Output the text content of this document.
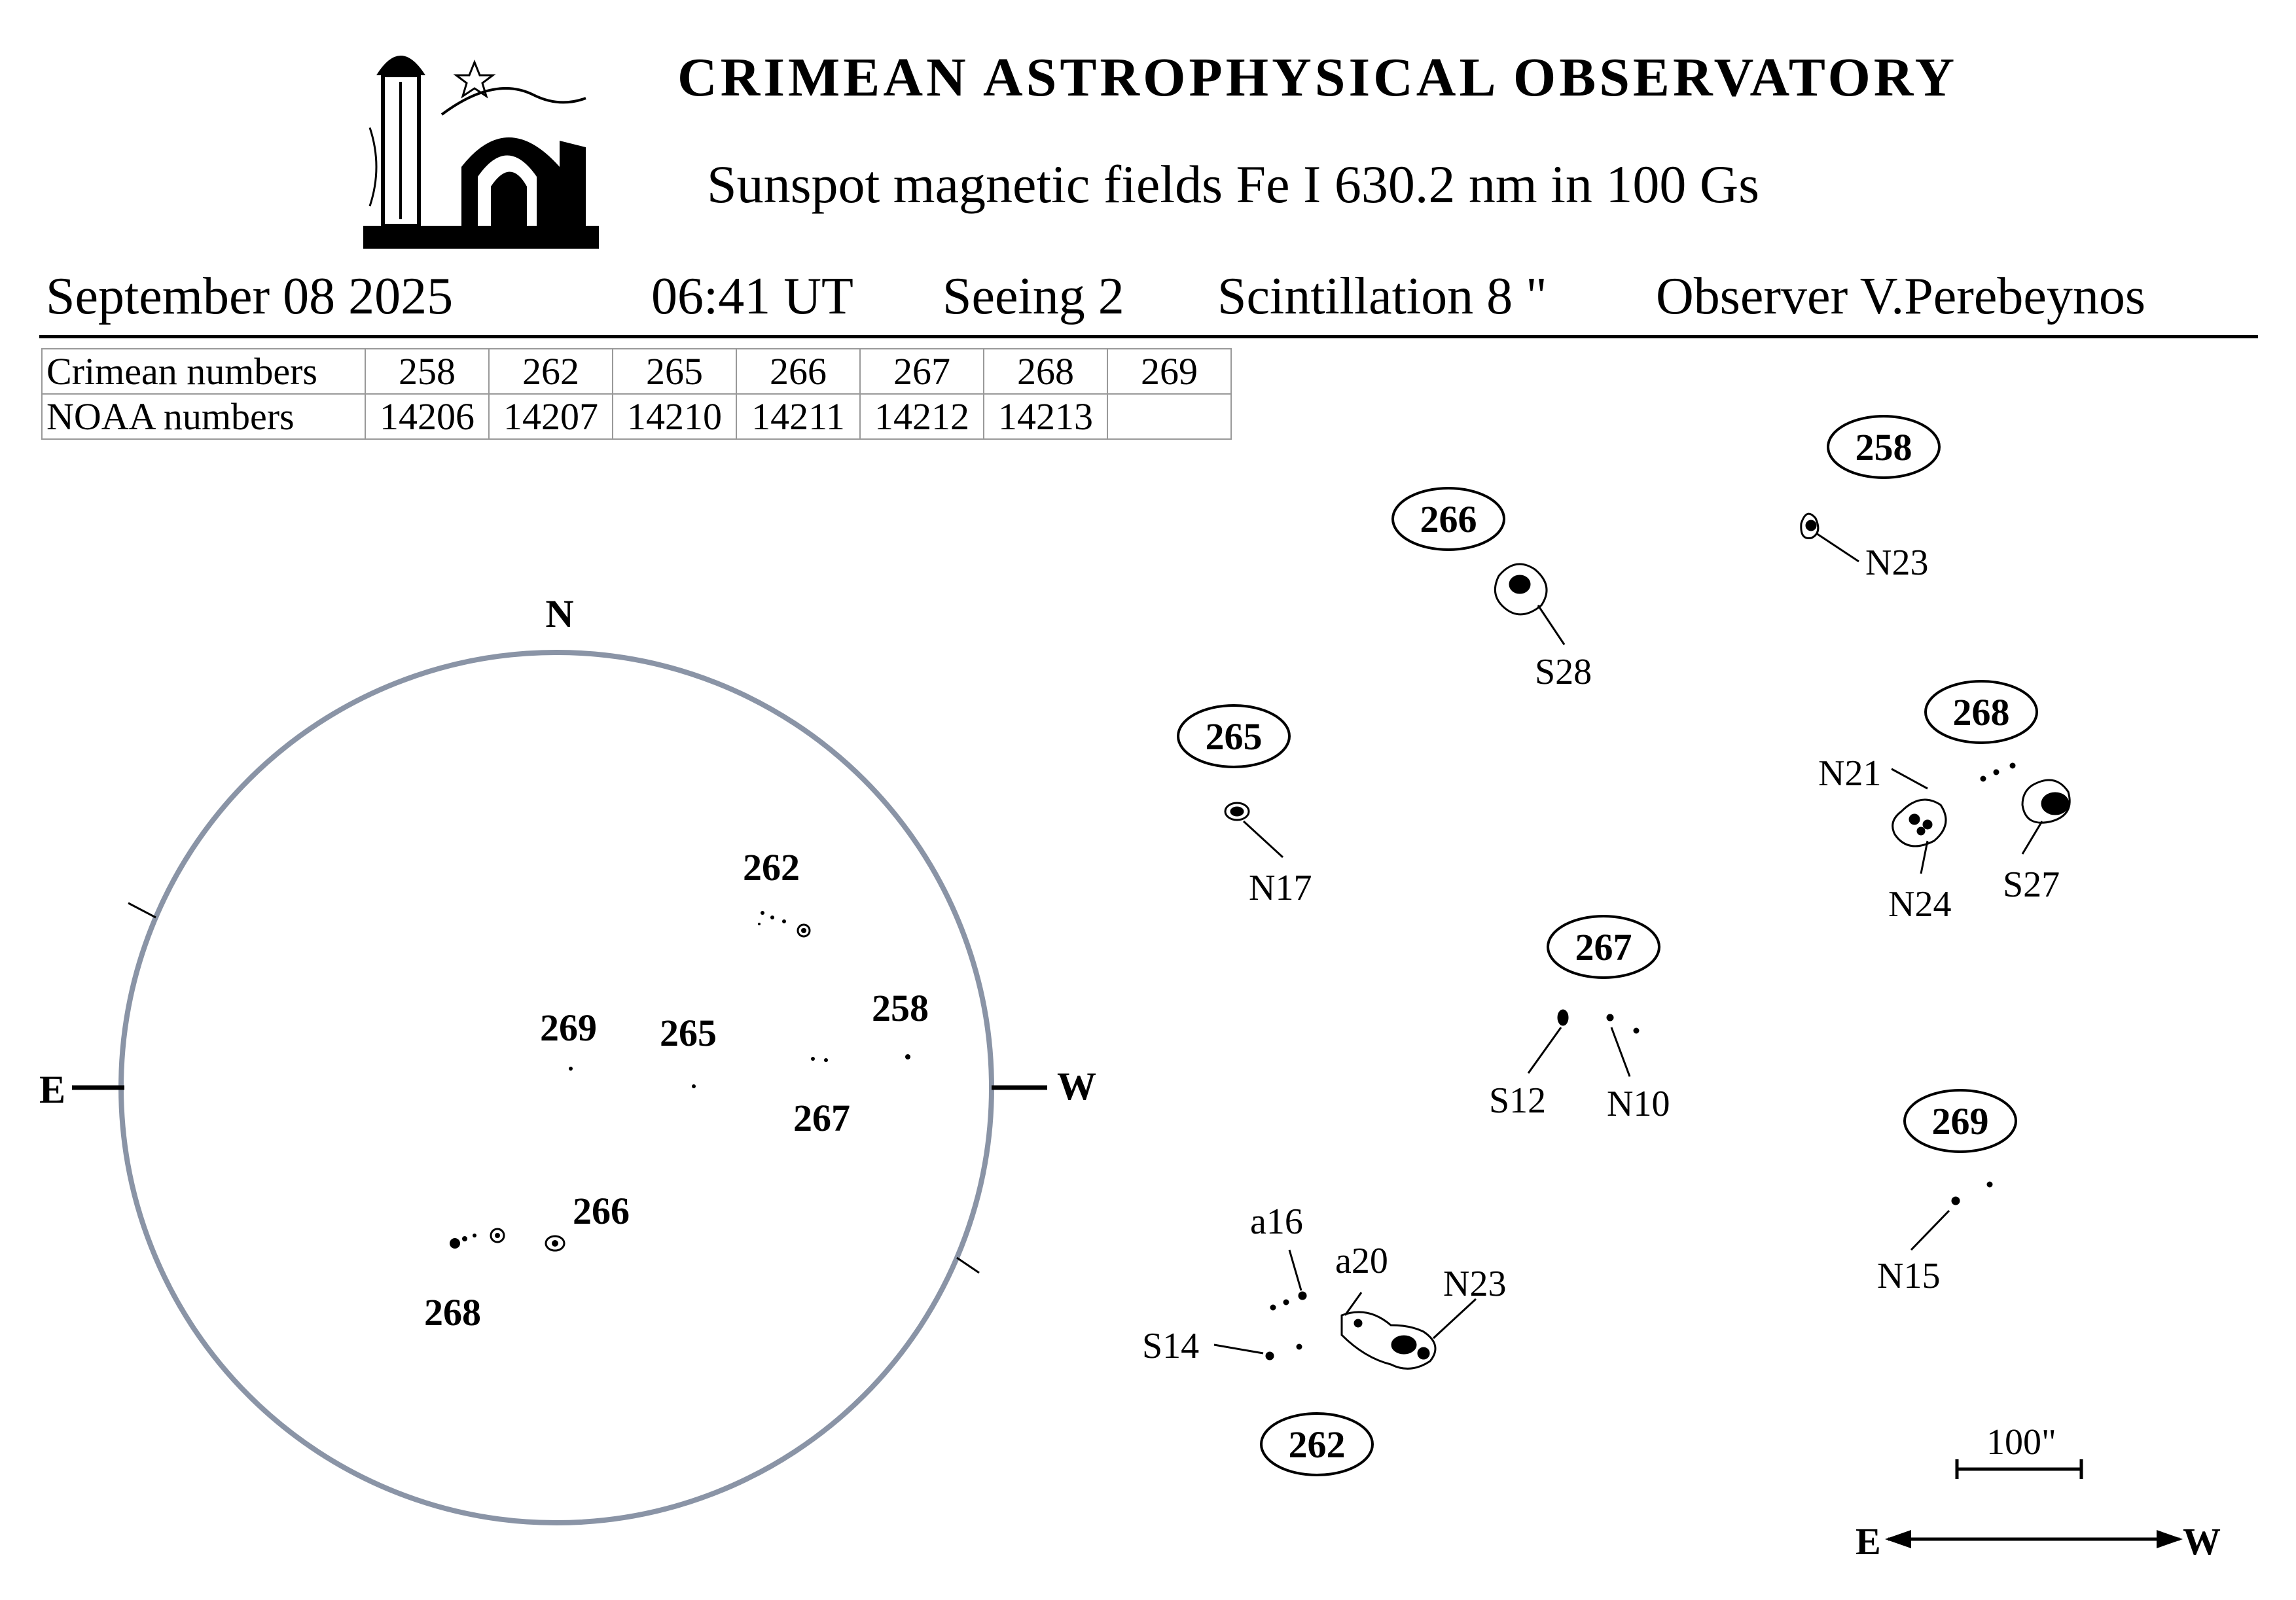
CRIMEAN ASTROPHYSICAL OBSERVATORY
Sunspot magnetic fields Fe I 630.2 nm in 100 Gs
September 08 2025	06:41 UT Seeing 2 Scintillation 8 " Observer V.Perebeynos
Crimean numbers	258	262	265	266	267	268	269
NOAA numbers	14206	14207	14210	14211	14212	14213	
N
E	W
262
269 265
258
267
266
268
258
266
265
268
267
269
262
N23
S28
N17
N21
N24 S27
S12 N10
N15
a16
a20
N23
S14
100"
E	W
